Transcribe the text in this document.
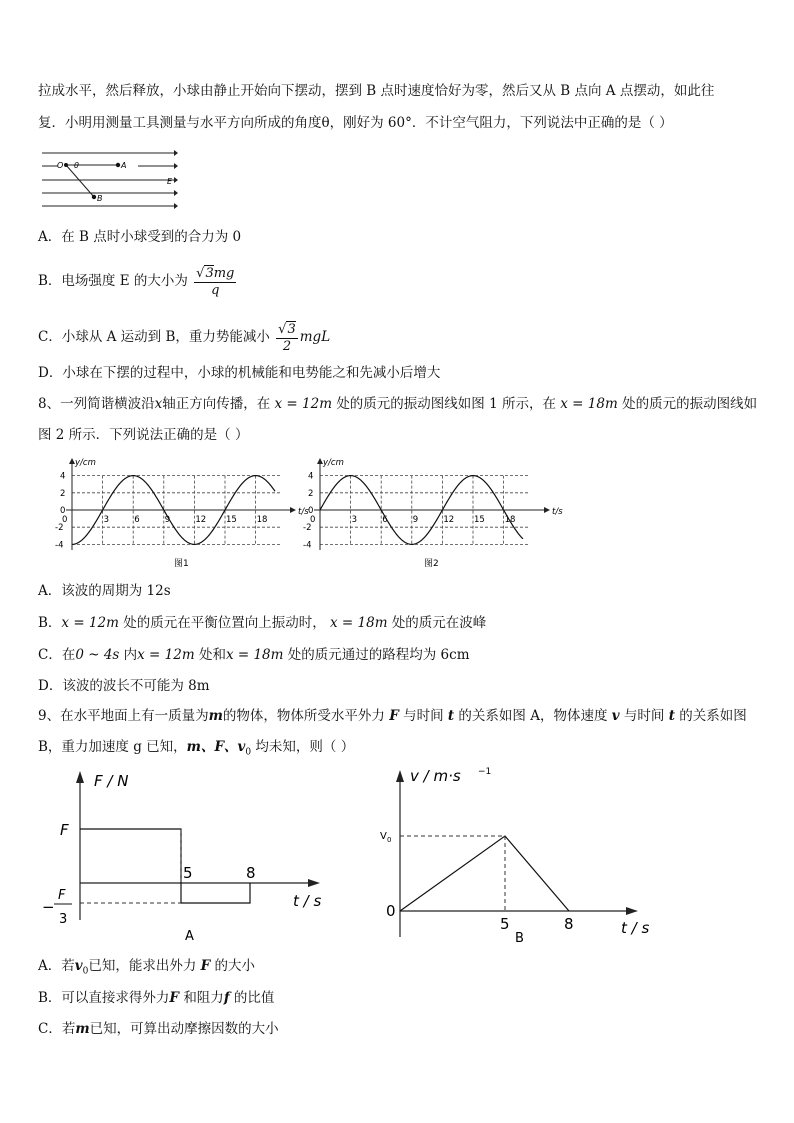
拉成水平，然后释放，小球由静止开始向下摆动，摆到 B 点时速度恰好为零，然后又从 B 点向 A 点摆动，如此往
复．小明用测量工具测量与水平方向所成的角度θ，刚好为 60°．不计空气阻力，下列说法中正确的是（ ）
O θ	A
B
E
A．在 B 点时小球受到的合力为 0
B．电场强度 E 的大小为 $\frac{√3mg}{q}$
C．小球从 A 运动到 B，重力势能减小 $\frac{√3}{2}$ mgL
D．小球在下摆的过程中，小球的机械能和电势能之和先减小后增大
8、一列简谐横波沿x轴正方向传播，在 x = 12m 处的质元的振动图线如图 1 所示，在 x = 18m 处的质元的振动图线如
图 2 所示．下列说法正确的是（ ）
y/cm
t/s
4
2
0
-2
-4
3	6	9	12 15 18
0
图1
y/cm
t/s
4
2
0
-2
-4
3	6	9	12 15 18
0
图2
A．该波的周期为 12s
B．x = 12m 处的质元在平衡位置向上振动时， x = 18m 处的质元在波峰
C．在0 ~ 4s 内x = 12m 处和x = 18m 处的质元通过的路程均为 6cm
D．该波的波长不可能为 8m
9、在水平地面上有一质量为m的物体，物体所受水平外力 F 与时间 t 的关系如图 A，物体速度 v 与时间 t 的关系如图
B，重力加速度 g 已知，m、F、$v_0$ 均未知，则（ ）
F / N
F
−
F
3
5	8
t / s
A
v / m·s −1
V 0
0
5	8	t / s
B
A．若$v_0$已知，能求出外力 F 的大小
B．可以直接求得外力F 和阻力f 的比值
C．若m已知，可算出动摩擦因数的大小
